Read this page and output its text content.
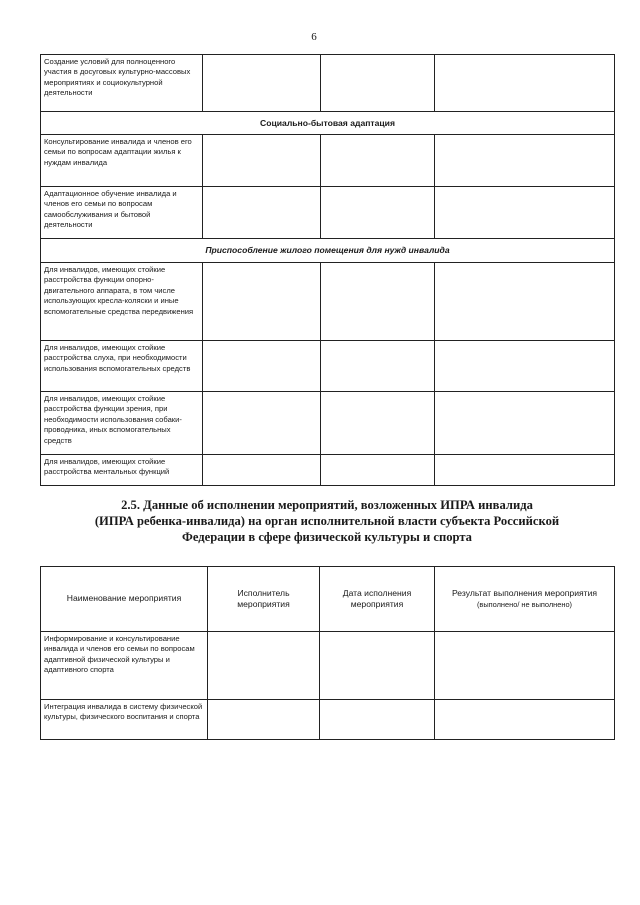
6
Создание условий для полноценного участия в досуговых культурно-массовых мероприятиях и социокультурной деятельности			
Социально-бытовая адаптация			
Консультирование инвалида и членов его семьи по вопросам адаптации жилья к нуждам инвалида			
Адаптационное обучение инвалида и членов его семьи по вопросам самообслуживания и бытовой деятельности			
Приспособление жилого помещения для нужд инвалида			
Для инвалидов, имеющих стойкие расстройства функции опорно-двигательного аппарата, в том числе использующих кресла-коляски и иные вспомогательные средства передвижения			
Для инвалидов, имеющих стойкие расстройства слуха, при необходимости использования вспомогательных средств			
Для инвалидов, имеющих стойкие расстройства функции зрения, при необходимости использования собаки-проводника, иных вспомогательных средств			
Для инвалидов, имеющих стойкие расстройства ментальных функций			
2.5. Данные об исполнении мероприятий, возложенных ИПРА инвалида
(ИПРА ребенка-инвалида) на орган исполнительной власти субъекта Российской
Федерации в сфере физической культуры и спорта
Наименование мероприятия	Исполнитель мероприятия	Дата исполнения мероприятия	Результат выполнения мероприятия
(выполнено/ не выполнено)

Информирование и консультирование инвалида и членов его семьи по вопросам адаптивной физической культуры и адаптивного спорта			
Интеграция инвалида в систему физической культуры, физического воспитания и спорта			
